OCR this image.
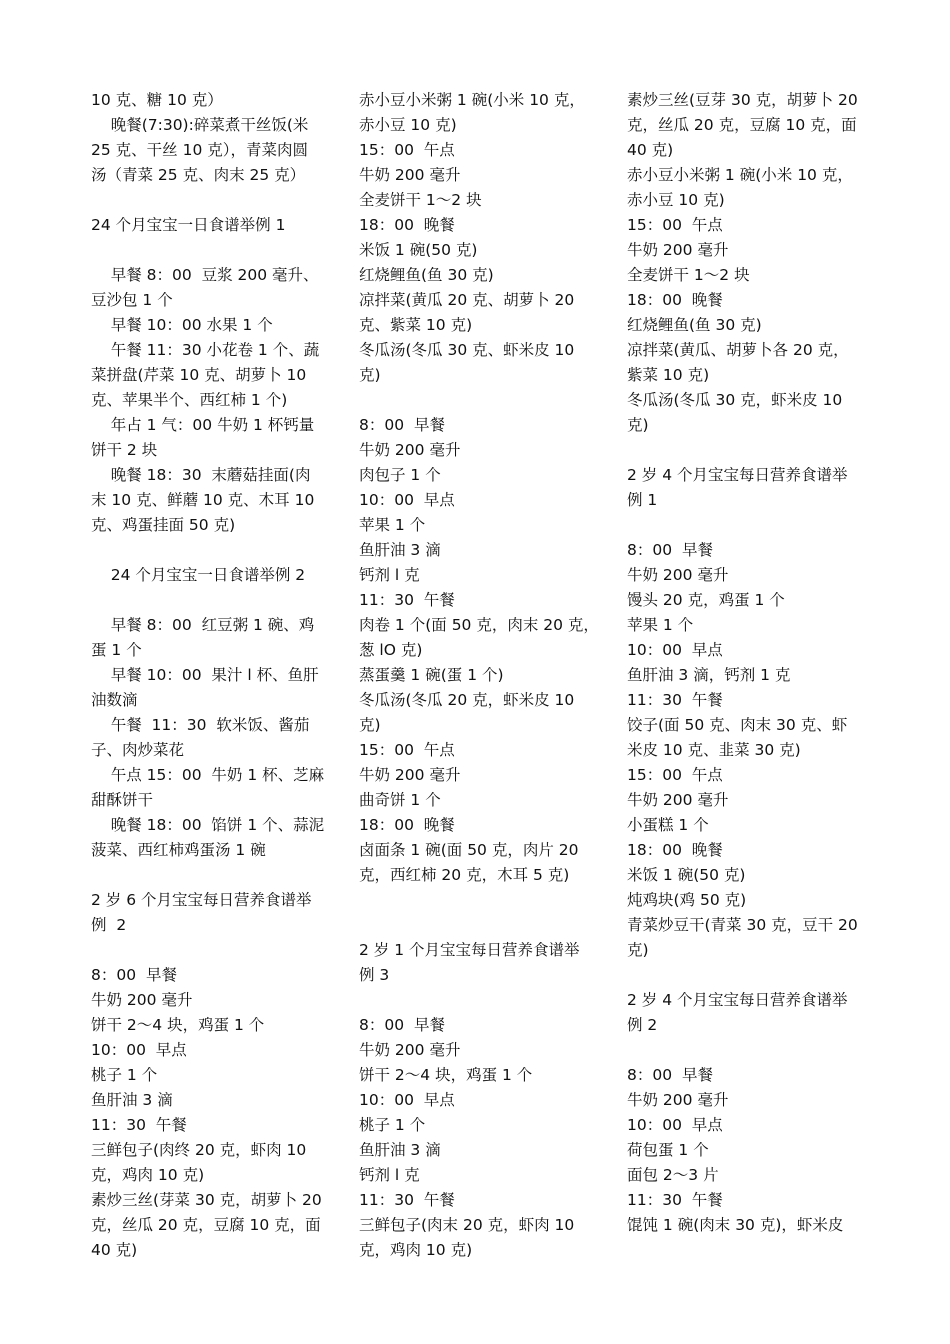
10 克、糖 10 克）
晚餐(7:30):碎菜煮干丝饭(米
25 克、干丝 10 克），青菜肉圆
汤（青菜 25 克、肉末 25 克）
24 个月宝宝一日食谱举例 1
早餐 8：00  豆浆 200 毫升、
豆沙包 1 个
早餐 10：00 水果 1 个
午餐 11：30 小花卷 1 个、蔬
菜拼盘(芹菜 10 克、胡萝卜 10
克、苹果半个、西红柿 1 个)
年占 1 气：00 牛奶 1 杯钙量
饼干 2 块
晚餐 18：30  末蘑菇挂面(肉
末 10 克、鲜蘑 10 克、木耳 10
克、鸡蛋挂面 50 克)
24 个月宝宝一日食谱举例 2
早餐 8：00  红豆粥 1 碗、鸡
蛋 1 个
早餐 10：00  果汁 l 杯、鱼肝
油数滴
午餐  11：30  软米饭、酱茄
子、肉炒菜花
午点 15：00  牛奶 1 杯、芝麻
甜酥饼干
晚餐 18：00  馅饼 1 个、蒜泥
菠菜、西红柿鸡蛋汤 1 碗
2 岁 6 个月宝宝每日营养食谱举
例  2
8：00  早餐
牛奶 200 毫升
饼干 2～4 块，鸡蛋 1 个
10：00  早点
桃子 1 个
鱼肝油 3 滴
11：30  午餐
三鲜包子(肉终 20 克，虾肉 10
克，鸡肉 10 克)
素炒三丝(芽菜 30 克，胡萝卜 20
克，丝瓜 20 克，豆腐 10 克，面
40 克)
赤小豆小米粥 1 碗(小米 10 克，
赤小豆 10 克)
15：00  午点
牛奶 200 毫升
全麦饼干 1～2 块
18：00  晚餐
米饭 1 碗(50 克)
红烧鲤鱼(鱼 30 克)
凉拌菜(黄瓜 20 克、胡萝卜 20
克、紫菜 10 克)
冬瓜汤(冬瓜 30 克、虾米皮 10
克)
8：00  早餐
牛奶 200 毫升
肉包子 1 个
10：00  早点
苹果 1 个
鱼肝油 3 滴
钙剂 l 克
11：30  午餐
肉卷 1 个(面 50 克，肉末 20 克，
葱 lO 克)
蒸蛋羹 1 碗(蛋 1 个)
冬瓜汤(冬瓜 20 克，虾米皮 10
克)
15：00  午点
牛奶 200 毫升
曲奇饼 1 个
18：00  晚餐
卤面条 1 碗(面 50 克，肉片 20
克，西红柿 20 克，木耳 5 克)
2 岁 1 个月宝宝每日营养食谱举
例 3
8：00  早餐
牛奶 200 毫升
饼干 2～4 块，鸡蛋 1 个
10：00  早点
桃子 1 个
鱼肝油 3 滴
钙剂 l 克
11：30  午餐
三鲜包子(肉末 20 克，虾肉 10
克，鸡肉 10 克)
素炒三丝(豆芽 30 克，胡萝卜 20
克，丝瓜 20 克，豆腐 10 克，面
40 克)
赤小豆小米粥 1 碗(小米 10 克，
赤小豆 10 克)
15：00  午点
牛奶 200 毫升
全麦饼干 1～2 块
18：00  晚餐
红烧鲤鱼(鱼 30 克)
凉拌菜(黄瓜、胡萝卜各 20 克，
紫菜 10 克)
冬瓜汤(冬瓜 30 克，虾米皮 10
克)
2 岁 4 个月宝宝每日营养食谱举
例 1
8：00  早餐
牛奶 200 毫升
馒头 20 克，鸡蛋 1 个
苹果 1 个
10：00  早点
鱼肝油 3 滴，钙剂 1 克
11：30  午餐
饺子(面 50 克、肉末 30 克、虾
米皮 10 克、韭菜 30 克)
15：00  午点
牛奶 200 毫升
小蛋糕 1 个
18：00  晚餐
米饭 1 碗(50 克)
炖鸡块(鸡 50 克)
青菜炒豆干(青菜 30 克，豆干 20
克)
2 岁 4 个月宝宝每日营养食谱举
例 2
8：00  早餐
牛奶 200 毫升
10：00  早点
荷包蛋 1 个
面包 2～3 片
11：30  午餐
馄饨 1 碗(肉末 30 克)，虾米皮
